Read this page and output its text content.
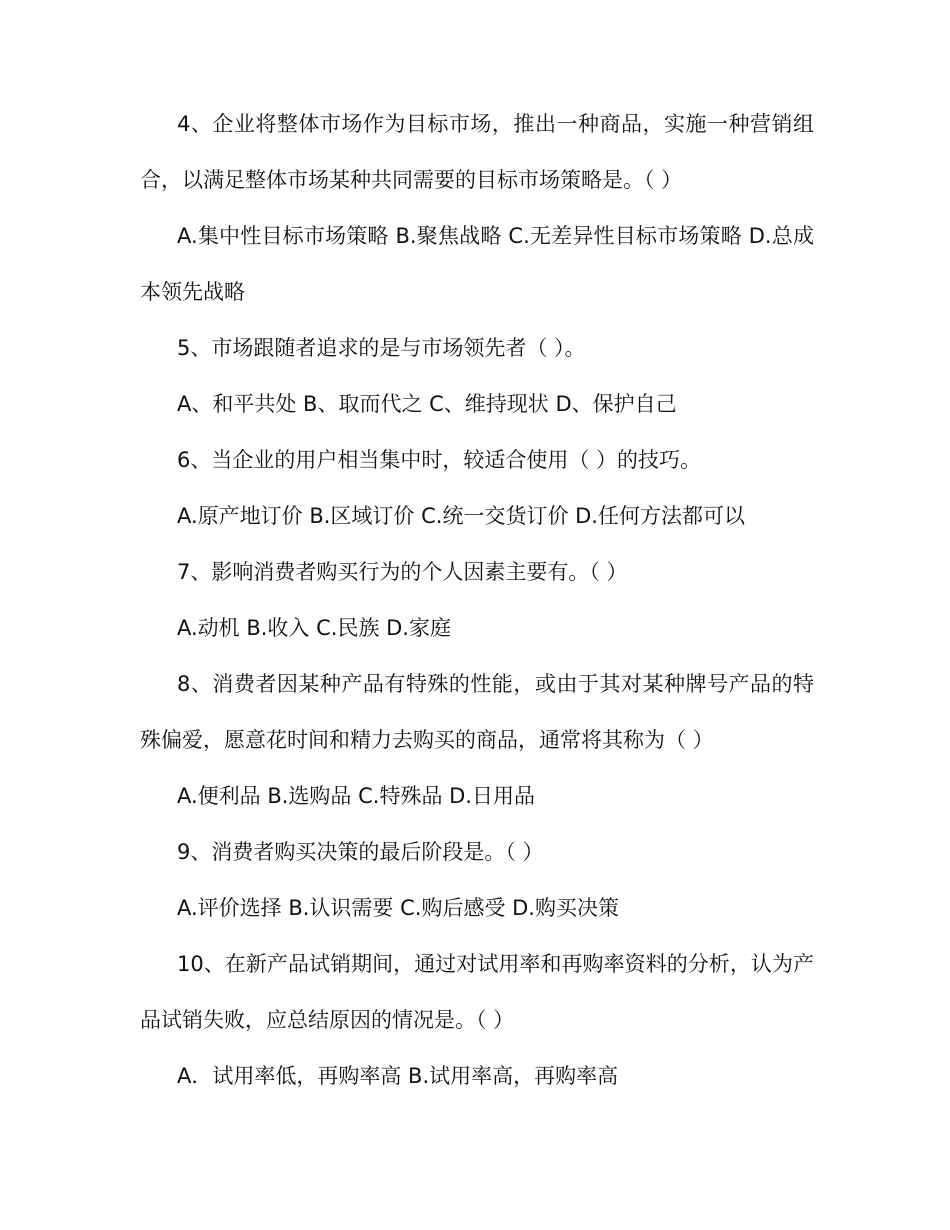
4、企业将整体市场作为目标市场，推出一种商品，实施一种营销组合，以满足整体市场某种共同需要的目标市场策略是。（ ）

A.集中性目标市场策略 B.聚焦战略 C.无差异性目标市场策略 D.总成本领先战略

5、市场跟随者追求的是与市场领先者（ ）。

A、和平共处 B、取而代之 C、维持现状 D、保护自己

6、当企业的用户相当集中时，较适合使用（ ）的技巧。

A.原产地订价 B.区域订价 C.统一交货订价 D.任何方法都可以

7、影响消费者购买行为的个人因素主要有。（ ）

A.动机 B.收入 C.民族 D.家庭

8、消费者因某种产品有特殊的性能，或由于其对某种牌号产品的特殊偏爱，愿意花时间和精力去购买的商品，通常将其称为（ ）

A.便利品 B.选购品 C.特殊品 D.日用品

9、消费者购买决策的最后阶段是。（ ）

A.评价选择 B.认识需要 C.购后感受 D.购买决策

10、在新产品试销期间，通过对试用率和再购率资料的分析，认为产品试销失败，应总结原因的情况是。（ ）

A．试用率低，再购率高 B.试用率高，再购率高
